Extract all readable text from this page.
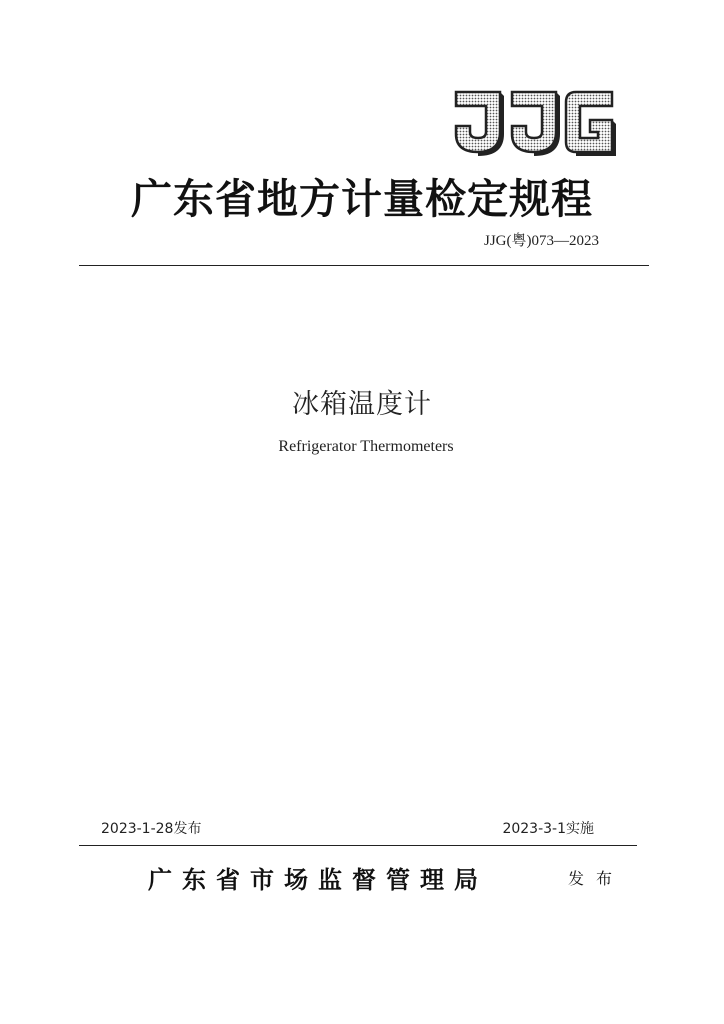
广东省地方计量检定规程
JJG(粤)073—2023
冰箱温度计
Refrigerator Thermometers
2023-1-28发布	2023-3-1实施
广东省市场监督管理局	发布
